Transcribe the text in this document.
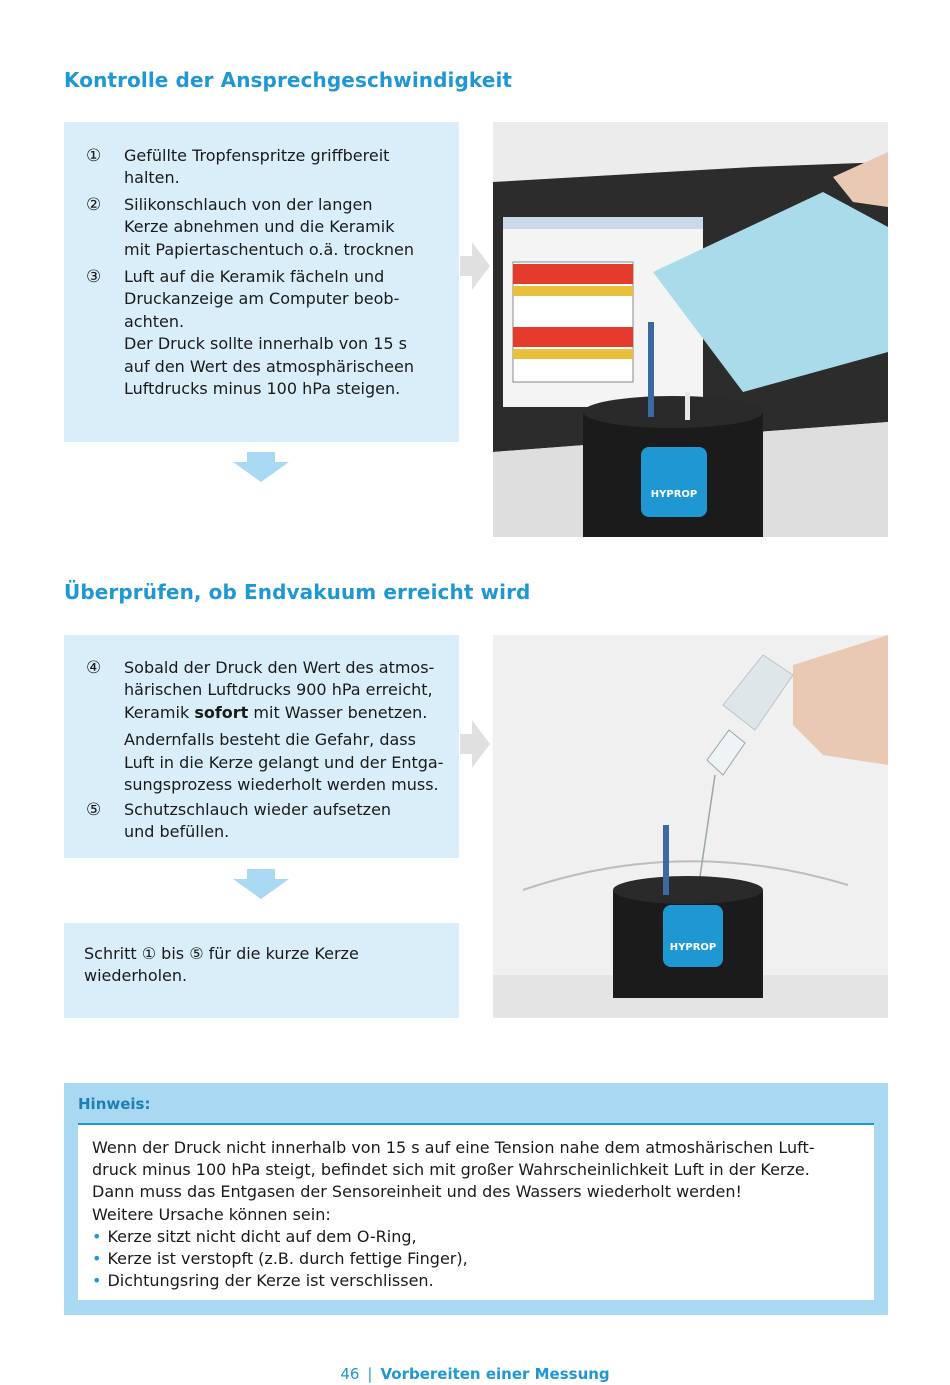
Kontrolle der Ansprechgeschwindigkeit
①	Gefüllte Tropfenspritze griffbereit
halten.
②	Silikonschlauch von der langen
Kerze abnehmen und die Keramik
mit Papiertaschentuch o.ä. trocknen
③	Luft auf die Keramik fächeln und
Druckanzeige am Computer beob-
achten.
Der Druck sollte innerhalb von 15 s
auf den Wert des atmosphärischeen
Luftdrucks minus 100 hPa steigen.
HYPROP
Überprüfen, ob Endvakuum erreicht wird
④	Sobald der Druck den Wert des atmos-
härischen Luftdrucks 900 hPa erreicht,
Keramik sofort mit Wasser benetzen.
Andernfalls besteht die Gefahr, dass
Luft in die Kerze gelangt und der Entga-
sungsprozess wiederholt werden muss.
⑤	Schutzschlauch wieder aufsetzen
und befüllen.
Schritt ① bis ⑤ für die kurze Kerze
wiederholen.
HYPROP
Hinweis:

Wenn der Druck nicht innerhalb von 15 s auf eine Tension nahe dem atmoshärischen Luft-

druck minus 100 hPa steigt, befindet sich mit großer Wahrscheinlichkeit Luft in der Kerze.

Dann muss das Entgasen der Sensoreinheit und des Wassers wiederholt werden!

Weitere Ursache können sein:

• Kerze sitzt nicht dicht auf dem O-Ring,

• Kerze ist verstopft (z.B. durch fettige Finger),

• Dichtungsring der Kerze ist verschlissen.

46 | Vorbereiten einer Messung
